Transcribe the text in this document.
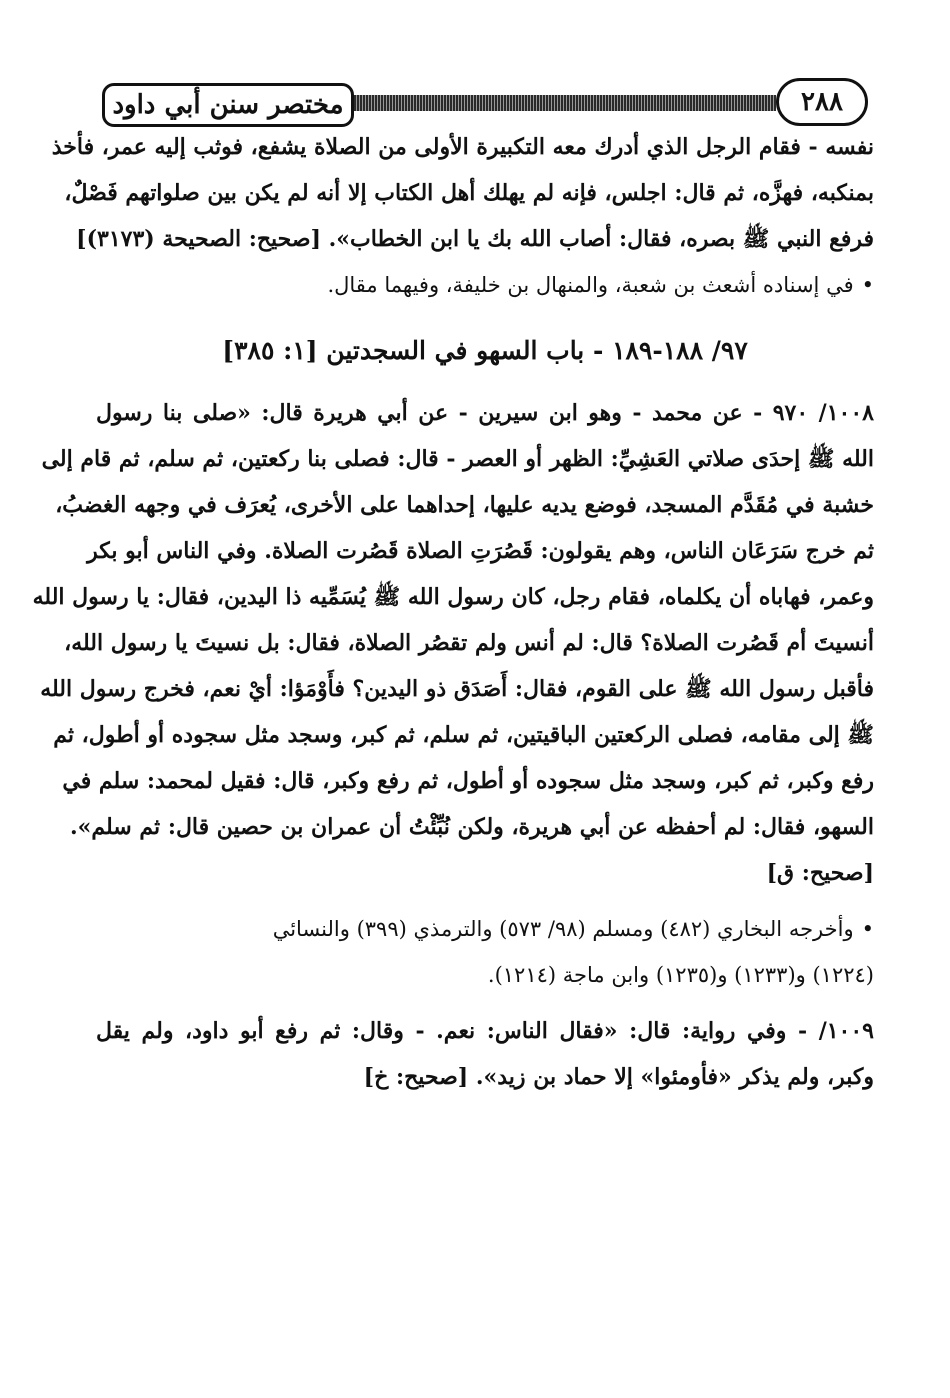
مختصر سنن أبي داود	٢٨٨
نفسه - فقام الرجل الذي أدرك معه التكبيرة الأولى من الصلاة يشفع، فوثب إليه عمر، فأخذ
بمنكبه، فهزَّه، ثم قال: اجلس، فإنه لم يهلك أهل الكتاب إلا أنه لم يكن بين صلواتهم فَصْلٌ،
فرفع النبي ﷺ بصره، فقال: أصاب الله بك يا ابن الخطاب». [صحيح: الصحيحة (٣١٧٣)]
•في إسناده أشعث بن شعبة، والمنهال بن خليفة، وفيهما مقال.
٩٧/ ١٨٨-١٨٩ - باب السهو في السجدتين [١: ٣٨٥]
١٠٠٨/ ٩٧٠ - عن محمد - وهو ابن سيرين - عن أبي هريرة قال: «صلى بنا رسول
الله ﷺ إحدَى صلاتي العَشِيِّ: الظهر أو العصر - قال: فصلى بنا ركعتين، ثم سلم، ثم قام إلى
خشبة في مُقَدَّم المسجد، فوضع يديه عليها، إحداهما على الأخرى، يُعرَف في وجهه الغضبُ،
ثم خرج سَرَعَان الناس، وهم يقولون: قَصُرَتِ الصلاة قَصُرت الصلاة. وفي الناس أبو بكر
وعمر، فهاباه أن يكلماه، فقام رجل، كان رسول الله ﷺ يُسَمِّيه ذا اليدين، فقال: يا رسول الله
أنسيتَ أم قَصُرت الصلاة؟ قال: لم أنس ولم تقصُر الصلاة، فقال: بل نسيتَ يا رسول الله،
فأقبل رسول الله ﷺ على القوم، فقال: أَصَدَق ذو اليدين؟ فأَوْمَؤا: أيْ نعم، فخرج رسول الله
ﷺ إلى مقامه، فصلى الركعتين الباقيتين، ثم سلم، ثم كبر، وسجد مثل سجوده أو أطول، ثم
رفع وكبر، ثم كبر، وسجد مثل سجوده أو أطول، ثم رفع وكبر، قال: فقيل لمحمد: سلم في
السهو، فقال: لم أحفظه عن أبي هريرة، ولكن نُبِّئْتُ أن عمران بن حصين قال: ثم سلم».
[صحيح: ق]
•وأخرجه البخاري (٤٨٢) ومسلم (٩٨/ ٥٧٣) والترمذي (٣٩٩) والنسائي
(١٢٢٤) و(١٢٣٣) و(١٢٣٥) وابن ماجة (١٢١٤).
١٠٠٩/ - وفي رواية: قال: «فقال الناس: نعم. - وقال: ثم رفع أبو داود، ولم يقل
وكبر، ولم يذكر «فأومئوا» إلا حماد بن زيد». [صحيح: خ]
